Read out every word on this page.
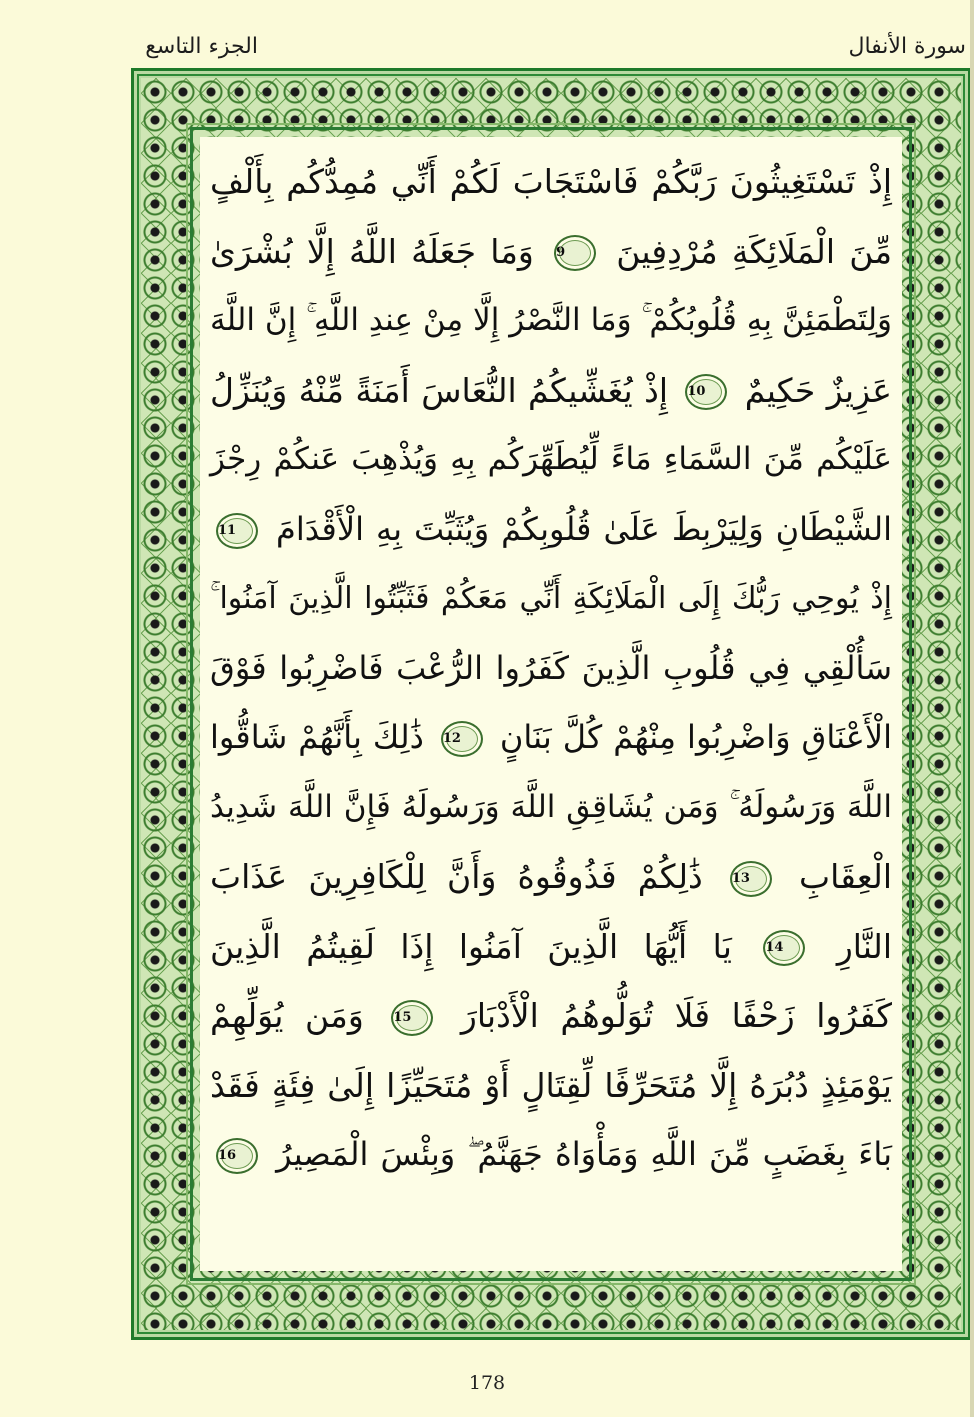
الجزء التاسع	سورة الأنفال
إِذْ تَسْتَغِيثُونَ رَبَّكُمْ فَاسْتَجَابَ لَكُمْ أَنِّي مُمِدُّكُم بِأَلْفٍ
مِّنَ الْمَلَائِكَةِ مُرْدِفِينَ 9 وَمَا جَعَلَهُ اللَّهُ إِلَّا بُشْرَىٰ
وَلِتَطْمَئِنَّ بِهِ قُلُوبُكُمْ ۚ وَمَا النَّصْرُ إِلَّا مِنْ عِندِ اللَّهِ ۚ إِنَّ اللَّهَ
عَزِيزٌ حَكِيمٌ 10 إِذْ يُغَشِّيكُمُ النُّعَاسَ أَمَنَةً مِّنْهُ وَيُنَزِّلُ
عَلَيْكُم مِّنَ السَّمَاءِ مَاءً لِّيُطَهِّرَكُم بِهِ وَيُذْهِبَ عَنكُمْ رِجْزَ
الشَّيْطَانِ وَلِيَرْبِطَ عَلَىٰ قُلُوبِكُمْ وَيُثَبِّتَ بِهِ الْأَقْدَامَ 11
إِذْ يُوحِي رَبُّكَ إِلَى الْمَلَائِكَةِ أَنِّي مَعَكُمْ فَثَبِّتُوا الَّذِينَ آمَنُوا ۚ
سَأُلْقِي فِي قُلُوبِ الَّذِينَ كَفَرُوا الرُّعْبَ فَاضْرِبُوا فَوْقَ
الْأَعْنَاقِ وَاضْرِبُوا مِنْهُمْ كُلَّ بَنَانٍ 12 ذَٰلِكَ بِأَنَّهُمْ شَاقُّوا
اللَّهَ وَرَسُولَهُ ۚ وَمَن يُشَاقِقِ اللَّهَ وَرَسُولَهُ فَإِنَّ اللَّهَ شَدِيدُ
الْعِقَابِ 13 ذَٰلِكُمْ فَذُوقُوهُ وَأَنَّ لِلْكَافِرِينَ عَذَابَ
النَّارِ 14 يَا أَيُّهَا الَّذِينَ آمَنُوا إِذَا لَقِيتُمُ الَّذِينَ
كَفَرُوا زَحْفًا فَلَا تُوَلُّوهُمُ الْأَدْبَارَ 15 وَمَن يُوَلِّهِمْ
يَوْمَئِذٍ دُبُرَهُ إِلَّا مُتَحَرِّفًا لِّقِتَالٍ أَوْ مُتَحَيِّزًا إِلَىٰ فِئَةٍ فَقَدْ
بَاءَ بِغَضَبٍ مِّنَ اللَّهِ وَمَأْوَاهُ جَهَنَّمُ ۖ وَبِئْسَ الْمَصِيرُ 16
178
